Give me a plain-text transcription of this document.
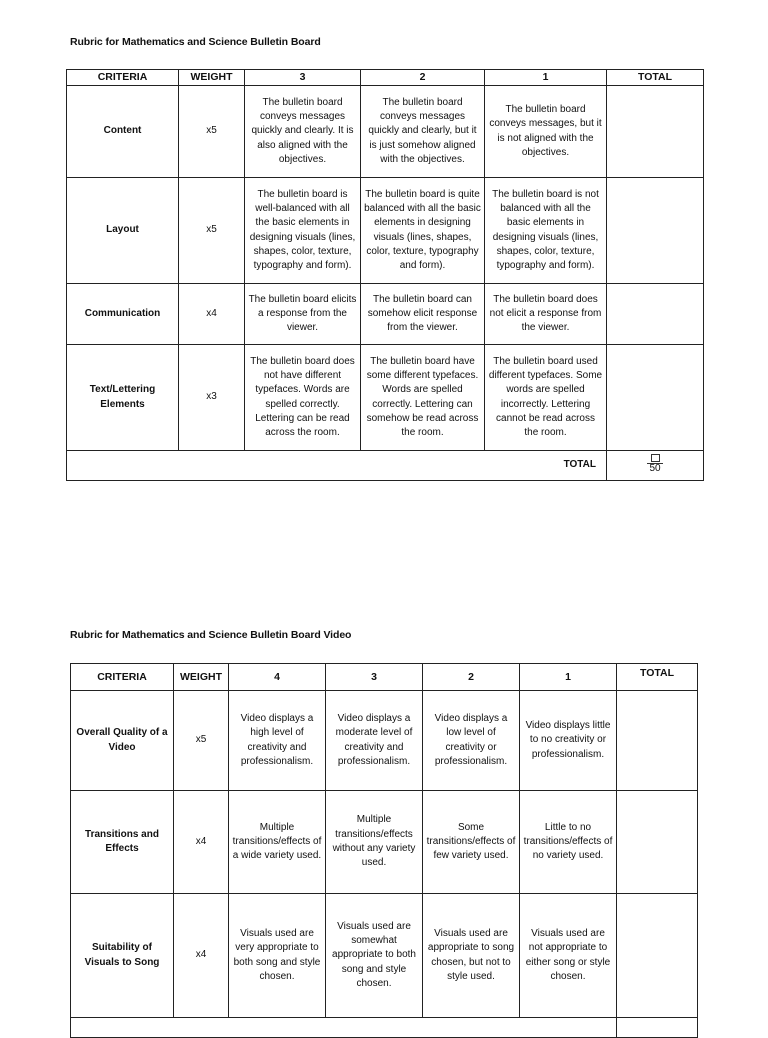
Rubric for Mathematics and Science Bulletin Board
CRITERIA	WEIGHT	3	2	1	TOTAL
Content	x5	The bulletin board conveys messages quickly and clearly. It is also aligned with the objectives.	The bulletin board conveys messages quickly and clearly, but it is just somehow aligned with the objectives.	The bulletin board conveys messages, but it is not aligned with the objectives.	
Layout	x5	The bulletin board is well-balanced with all the basic elements in designing visuals (lines, shapes, color, texture, typography and form).	The bulletin board is quite balanced with all the basic elements in designing visuals (lines, shapes, color, texture, typography and form).	The bulletin board is not balanced with all the basic elements in designing visuals (lines, shapes, color, texture, typography and form).	
Communication	x4	The bulletin board elicits a response from the viewer.	The bulletin board can somehow elicit response from the viewer.	The bulletin board does not elicit a response from the viewer.	
Text/Lettering Elements	x3	The bulletin board does not have different typefaces. Words are spelled correctly. Lettering can be read across the room.	The bulletin board have some different typefaces. Words are spelled correctly. Lettering can somehow be read across the room.	The bulletin board used different typefaces. Some words are spelled incorrectly. Lettering cannot be read across the room.	
TOTAL					50
Rubric for Mathematics and Science Bulletin Board Video
CRITERIA	WEIGHT	4	3	2	1	TOTAL
Overall Quality of a Video	x5	Video displays a high level of creativity and professionalism.	Video displays a moderate level of creativity and professionalism.	Video displays a low level of creativity or professionalism.	Video displays little to no creativity or professionalism.	
Transitions and Effects	x4	Multiple transitions/effects of a wide variety used.	Multiple transitions/effects without any variety used.	Some transitions/effects of few variety used.	Little to no transitions/effects of no variety used.	
Suitability of Visuals to Song	x4	Visuals used are very appropriate to both song and style chosen.	Visuals used are somewhat appropriate to both song and style chosen.	Visuals used are appropriate to song chosen, but not to style used.	Visuals used are not appropriate to either song or style chosen.	
